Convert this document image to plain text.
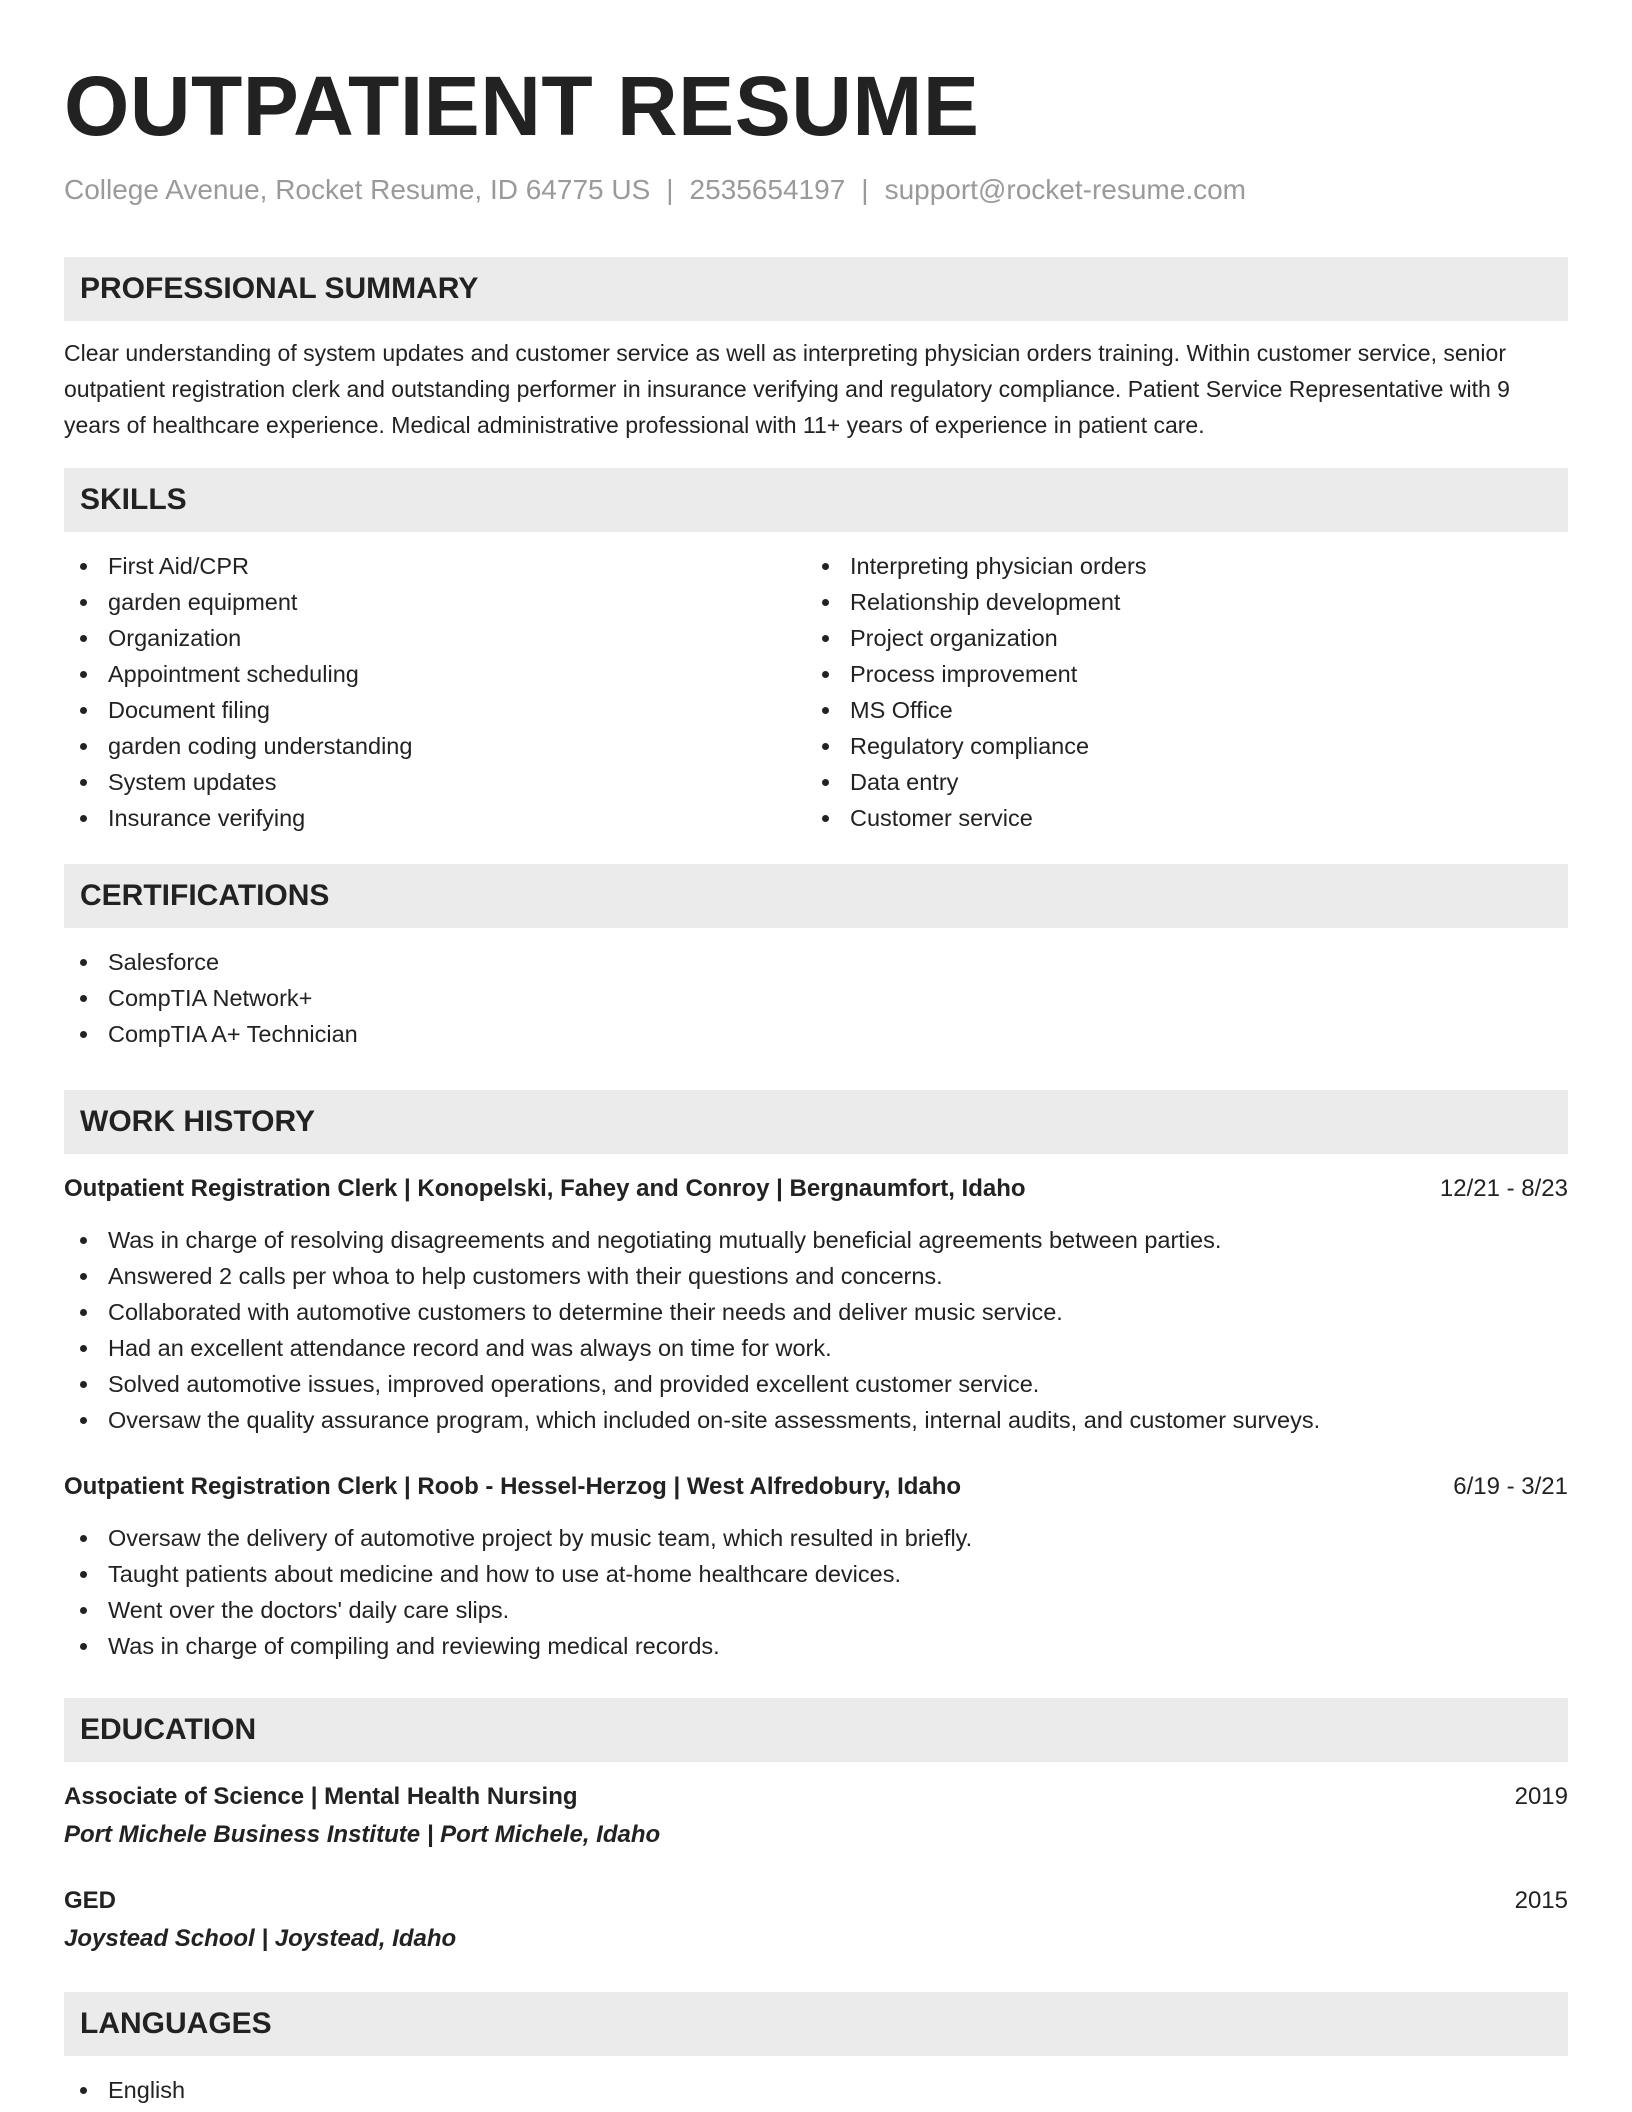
OUTPATIENT RESUME
College Avenue, Rocket Resume, ID 64775 US | 2535654197 | support@rocket-resume.com
PROFESSIONAL SUMMARY

Clear understanding of system updates and customer service as well as interpreting physician orders training. Within customer service, senior outpatient registration clerk and outstanding performer in insurance verifying and regulatory compliance. Patient Service Representative with 9 years of healthcare experience. Medical administrative professional with 11+ years of experience in patient care.

SKILLS
First Aid/CPR
garden equipment
Organization
Appointment scheduling
Document filing
garden coding understanding
System updates
Insurance verifying
Interpreting physician orders
Relationship development
Project organization
Process improvement
MS Office
Regulatory compliance
Data entry
Customer service
CERTIFICATIONS
Salesforce
CompTIA Network+
CompTIA A+ Technician
WORK HISTORY
Outpatient Registration Clerk | Konopelski, Fahey and Conroy | Bergnaumfort, Idaho	12/21 - 8/23
Was in charge of resolving disagreements and negotiating mutually beneficial agreements between parties.
Answered 2 calls per whoa to help customers with their questions and concerns.
Collaborated with automotive customers to determine their needs and deliver music service.
Had an excellent attendance record and was always on time for work.
Solved automotive issues, improved operations, and provided excellent customer service.
Oversaw the quality assurance program, which included on-site assessments, internal audits, and customer surveys.
Outpatient Registration Clerk | Roob - Hessel-Herzog | West Alfredobury, Idaho	6/19 - 3/21
Oversaw the delivery of automotive project by music team, which resulted in briefly.
Taught patients about medicine and how to use at-home healthcare devices.
Went over the doctors' daily care slips.
Was in charge of compiling and reviewing medical records.
EDUCATION
Associate of Science | Mental Health Nursing	2019
Port Michele Business Institute | Port Michele, Idaho
GED	2015
Joystead School | Joystead, Idaho
LANGUAGES
English
